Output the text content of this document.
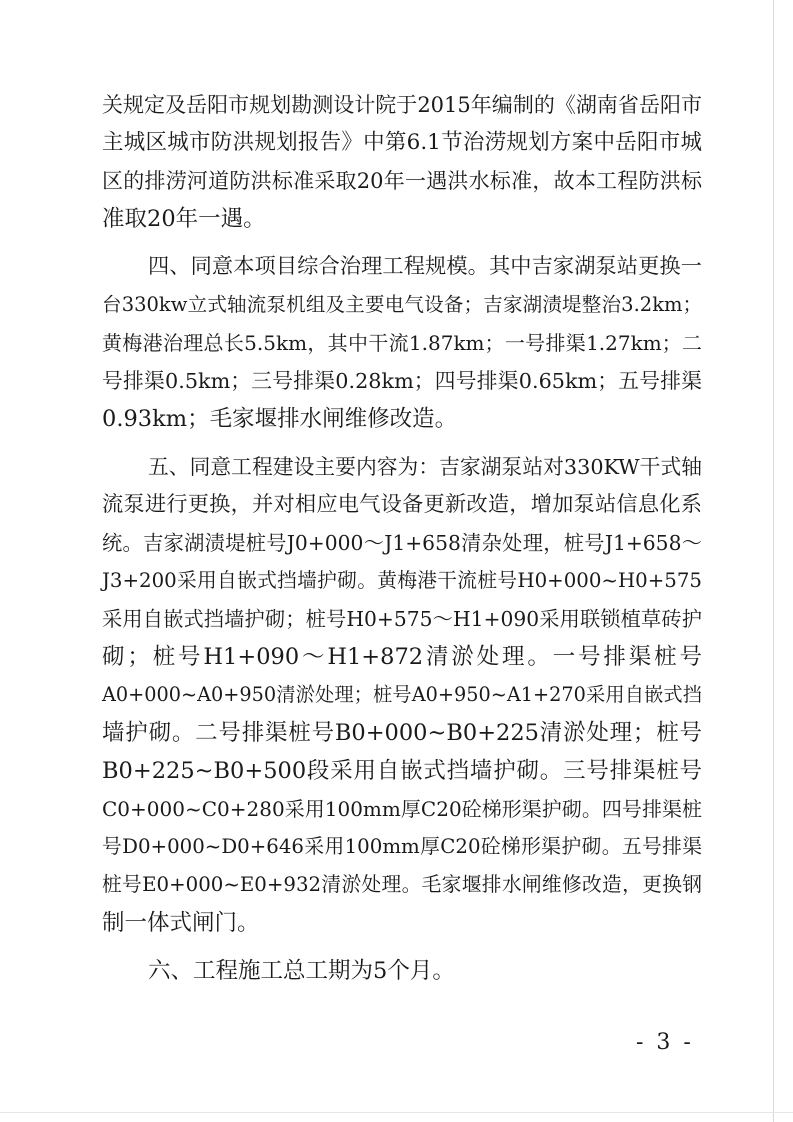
关规定及岳阳市规划勘测设计院于2015年编制的《湖南省岳阳市
主城区城市防洪规划报告》中第6.1节治涝规划方案中岳阳市城
区的排涝河道防洪标准采取20年一遇洪水标准，故本工程防洪标
准取20年一遇。
四、同意本项目综合治理工程规模。其中吉家湖泵站更换一
台330kw立式轴流泵机组及主要电气设备；吉家湖渍堤整治3.2km；
黄梅港治理总长5.5km，其中干流1.87km；一号排渠1.27km；二
号排渠0.5km；三号排渠0.28km；四号排渠0.65km；五号排渠
0.93km；毛家堰排水闸维修改造。
五、同意工程建设主要内容为：吉家湖泵站对330KW干式轴
流泵进行更换，并对相应电气设备更新改造，增加泵站信息化系
统。吉家湖渍堤桩号J0+000～J1+658清杂处理，桩号J1+658～
J3+200采用自嵌式挡墙护砌。黄梅港干流桩号H0+000~H0+575
采用自嵌式挡墙护砌；桩号H0+575～H1+090采用联锁植草砖护
砌；桩号H1+090～H1+872清淤处理。一号排渠桩号
A0+000~A0+950清淤处理；桩号A0+950~A1+270采用自嵌式挡
墙护砌。二号排渠桩号B0+000~B0+225清淤处理；桩号
B0+225~B0+500段采用自嵌式挡墙护砌。三号排渠桩号
C0+000~C0+280采用100mm厚C20砼梯形渠护砌。四号排渠桩
号D0+000~D0+646采用100mm厚C20砼梯形渠护砌。五号排渠
桩号E0+000~E0+932清淤处理。毛家堰排水闸维修改造，更换钢
制一体式闸门。
六、工程施工总工期为5个月。
- 3 -
